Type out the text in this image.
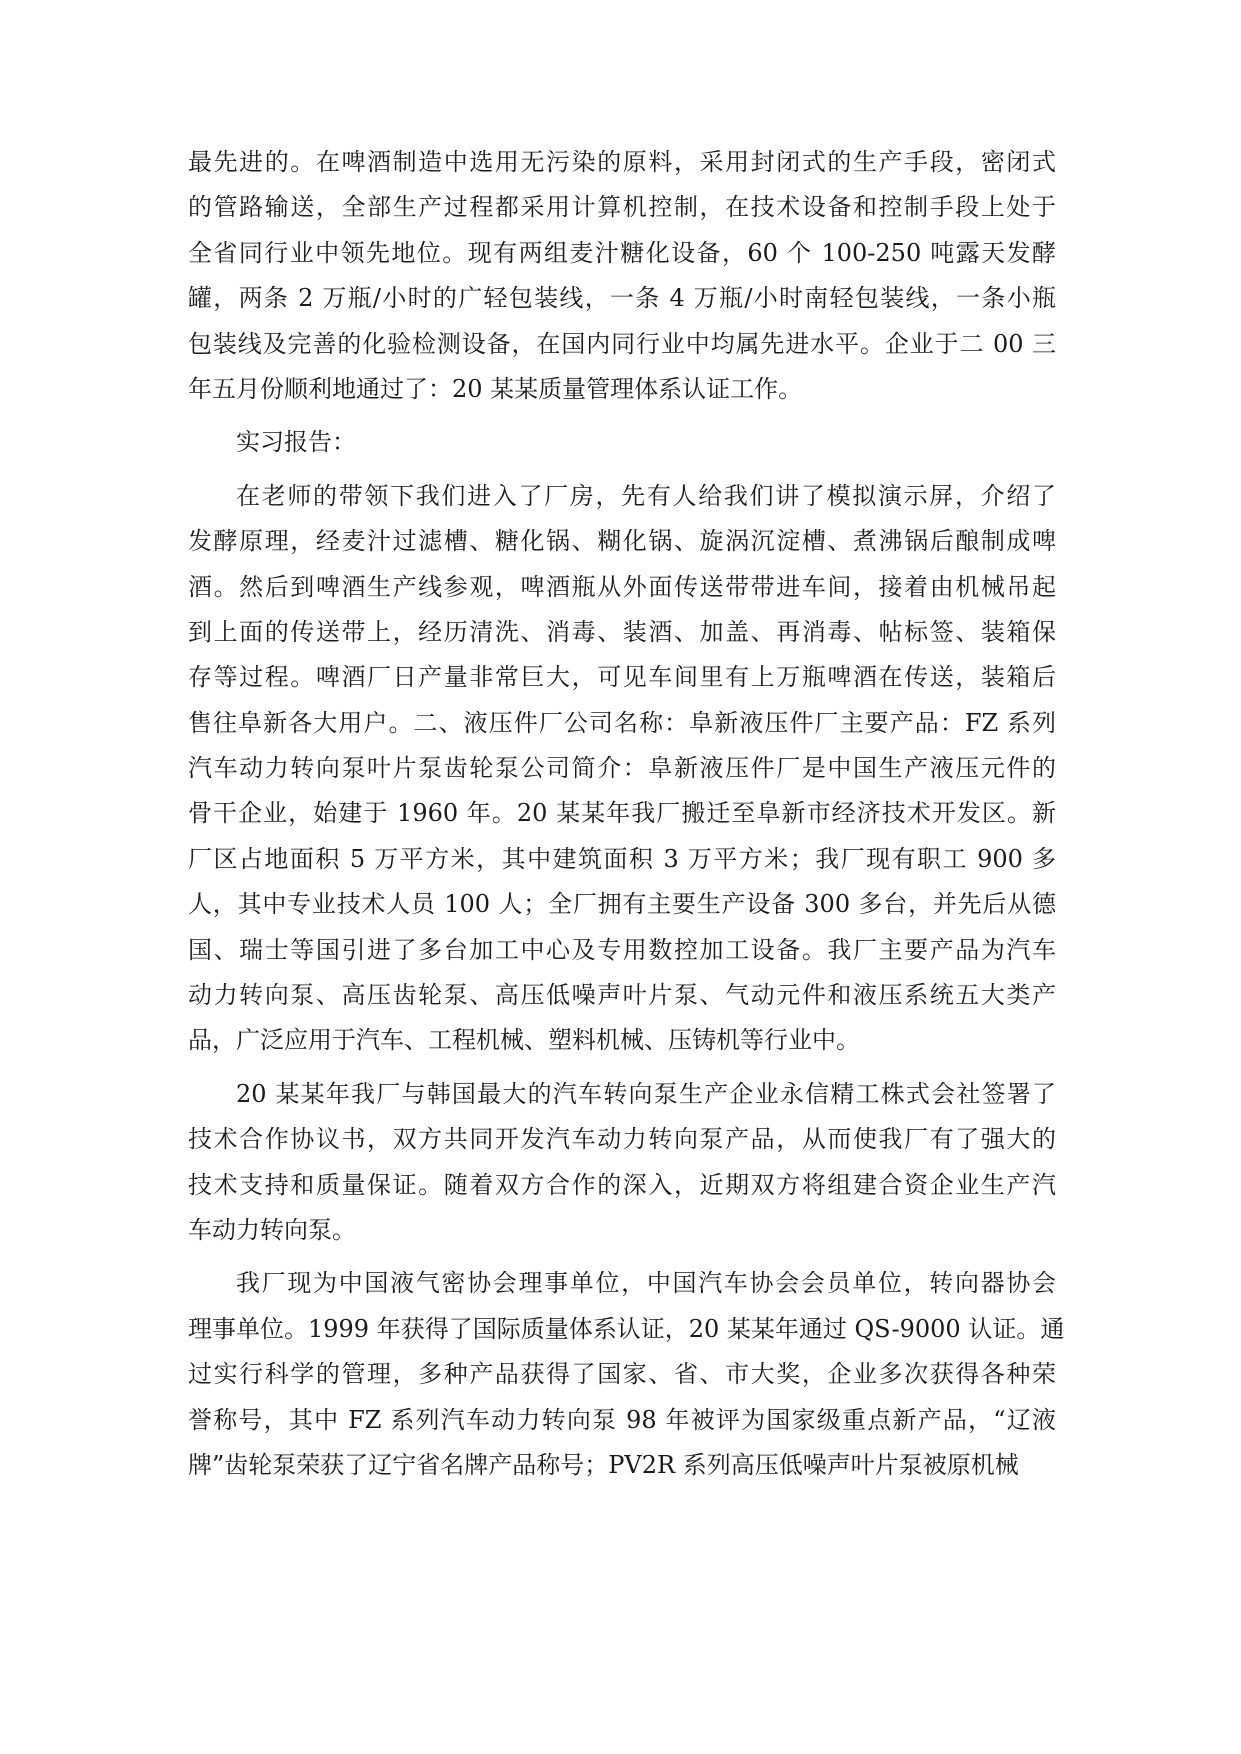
最先进的。在啤酒制造中选用无污染的原料，采用封闭式的生产手段，密闭式
的管路输送，全部生产过程都采用计算机控制，在技术设备和控制手段上处于
全省同行业中领先地位。现有两组麦汁糖化设备，60 个 100-250 吨露天发酵
罐，两条 2 万瓶/小时的广轻包装线，一条 4 万瓶/小时南轻包装线，一条小瓶
包装线及完善的化验检测设备，在国内同行业中均属先进水平。企业于二 00 三
年五月份顺利地通过了：20 某某质量管理体系认证工作。
实习报告：
在老师的带领下我们进入了厂房，先有人给我们讲了模拟演示屏，介绍了
发酵原理，经麦汁过滤槽、糖化锅、糊化锅、旋涡沉淀槽、煮沸锅后酿制成啤
酒。然后到啤酒生产线参观，啤酒瓶从外面传送带带进车间，接着由机械吊起
到上面的传送带上，经历清洗、消毒、装酒、加盖、再消毒、帖标签、装箱保
存等过程。啤酒厂日产量非常巨大，可见车间里有上万瓶啤酒在传送，装箱后
售往阜新各大用户。二、液压件厂公司名称：阜新液压件厂主要产品：FZ 系列
汽车动力转向泵叶片泵齿轮泵公司简介：阜新液压件厂是中国生产液压元件的
骨干企业，始建于 1960 年。20 某某年我厂搬迁至阜新市经济技术开发区。新
厂区占地面积 5 万平方米，其中建筑面积 3 万平方米；我厂现有职工 900 多
人，其中专业技术人员 100 人；全厂拥有主要生产设备 300 多台，并先后从德
国、瑞士等国引进了多台加工中心及专用数控加工设备。我厂主要产品为汽车
动力转向泵、高压齿轮泵、高压低噪声叶片泵、气动元件和液压系统五大类产
品，广泛应用于汽车、工程机械、塑料机械、压铸机等行业中。
20 某某年我厂与韩国最大的汽车转向泵生产企业永信精工株式会社签署了
技术合作协议书，双方共同开发汽车动力转向泵产品，从而使我厂有了强大的
技术支持和质量保证。随着双方合作的深入，近期双方将组建合资企业生产汽
车动力转向泵。
我厂现为中国液气密协会理事单位，中国汽车协会会员单位，转向器协会
理事单位。1999 年获得了国际质量体系认证，20 某某年通过 QS-9000 认证。通
过实行科学的管理，多种产品获得了国家、省、市大奖，企业多次获得各种荣
誉称号，其中 FZ 系列汽车动力转向泵 98 年被评为国家级重点新产品，“辽液
牌”齿轮泵荣获了辽宁省名牌产品称号；PV2R 系列高压低噪声叶片泵被原机械
